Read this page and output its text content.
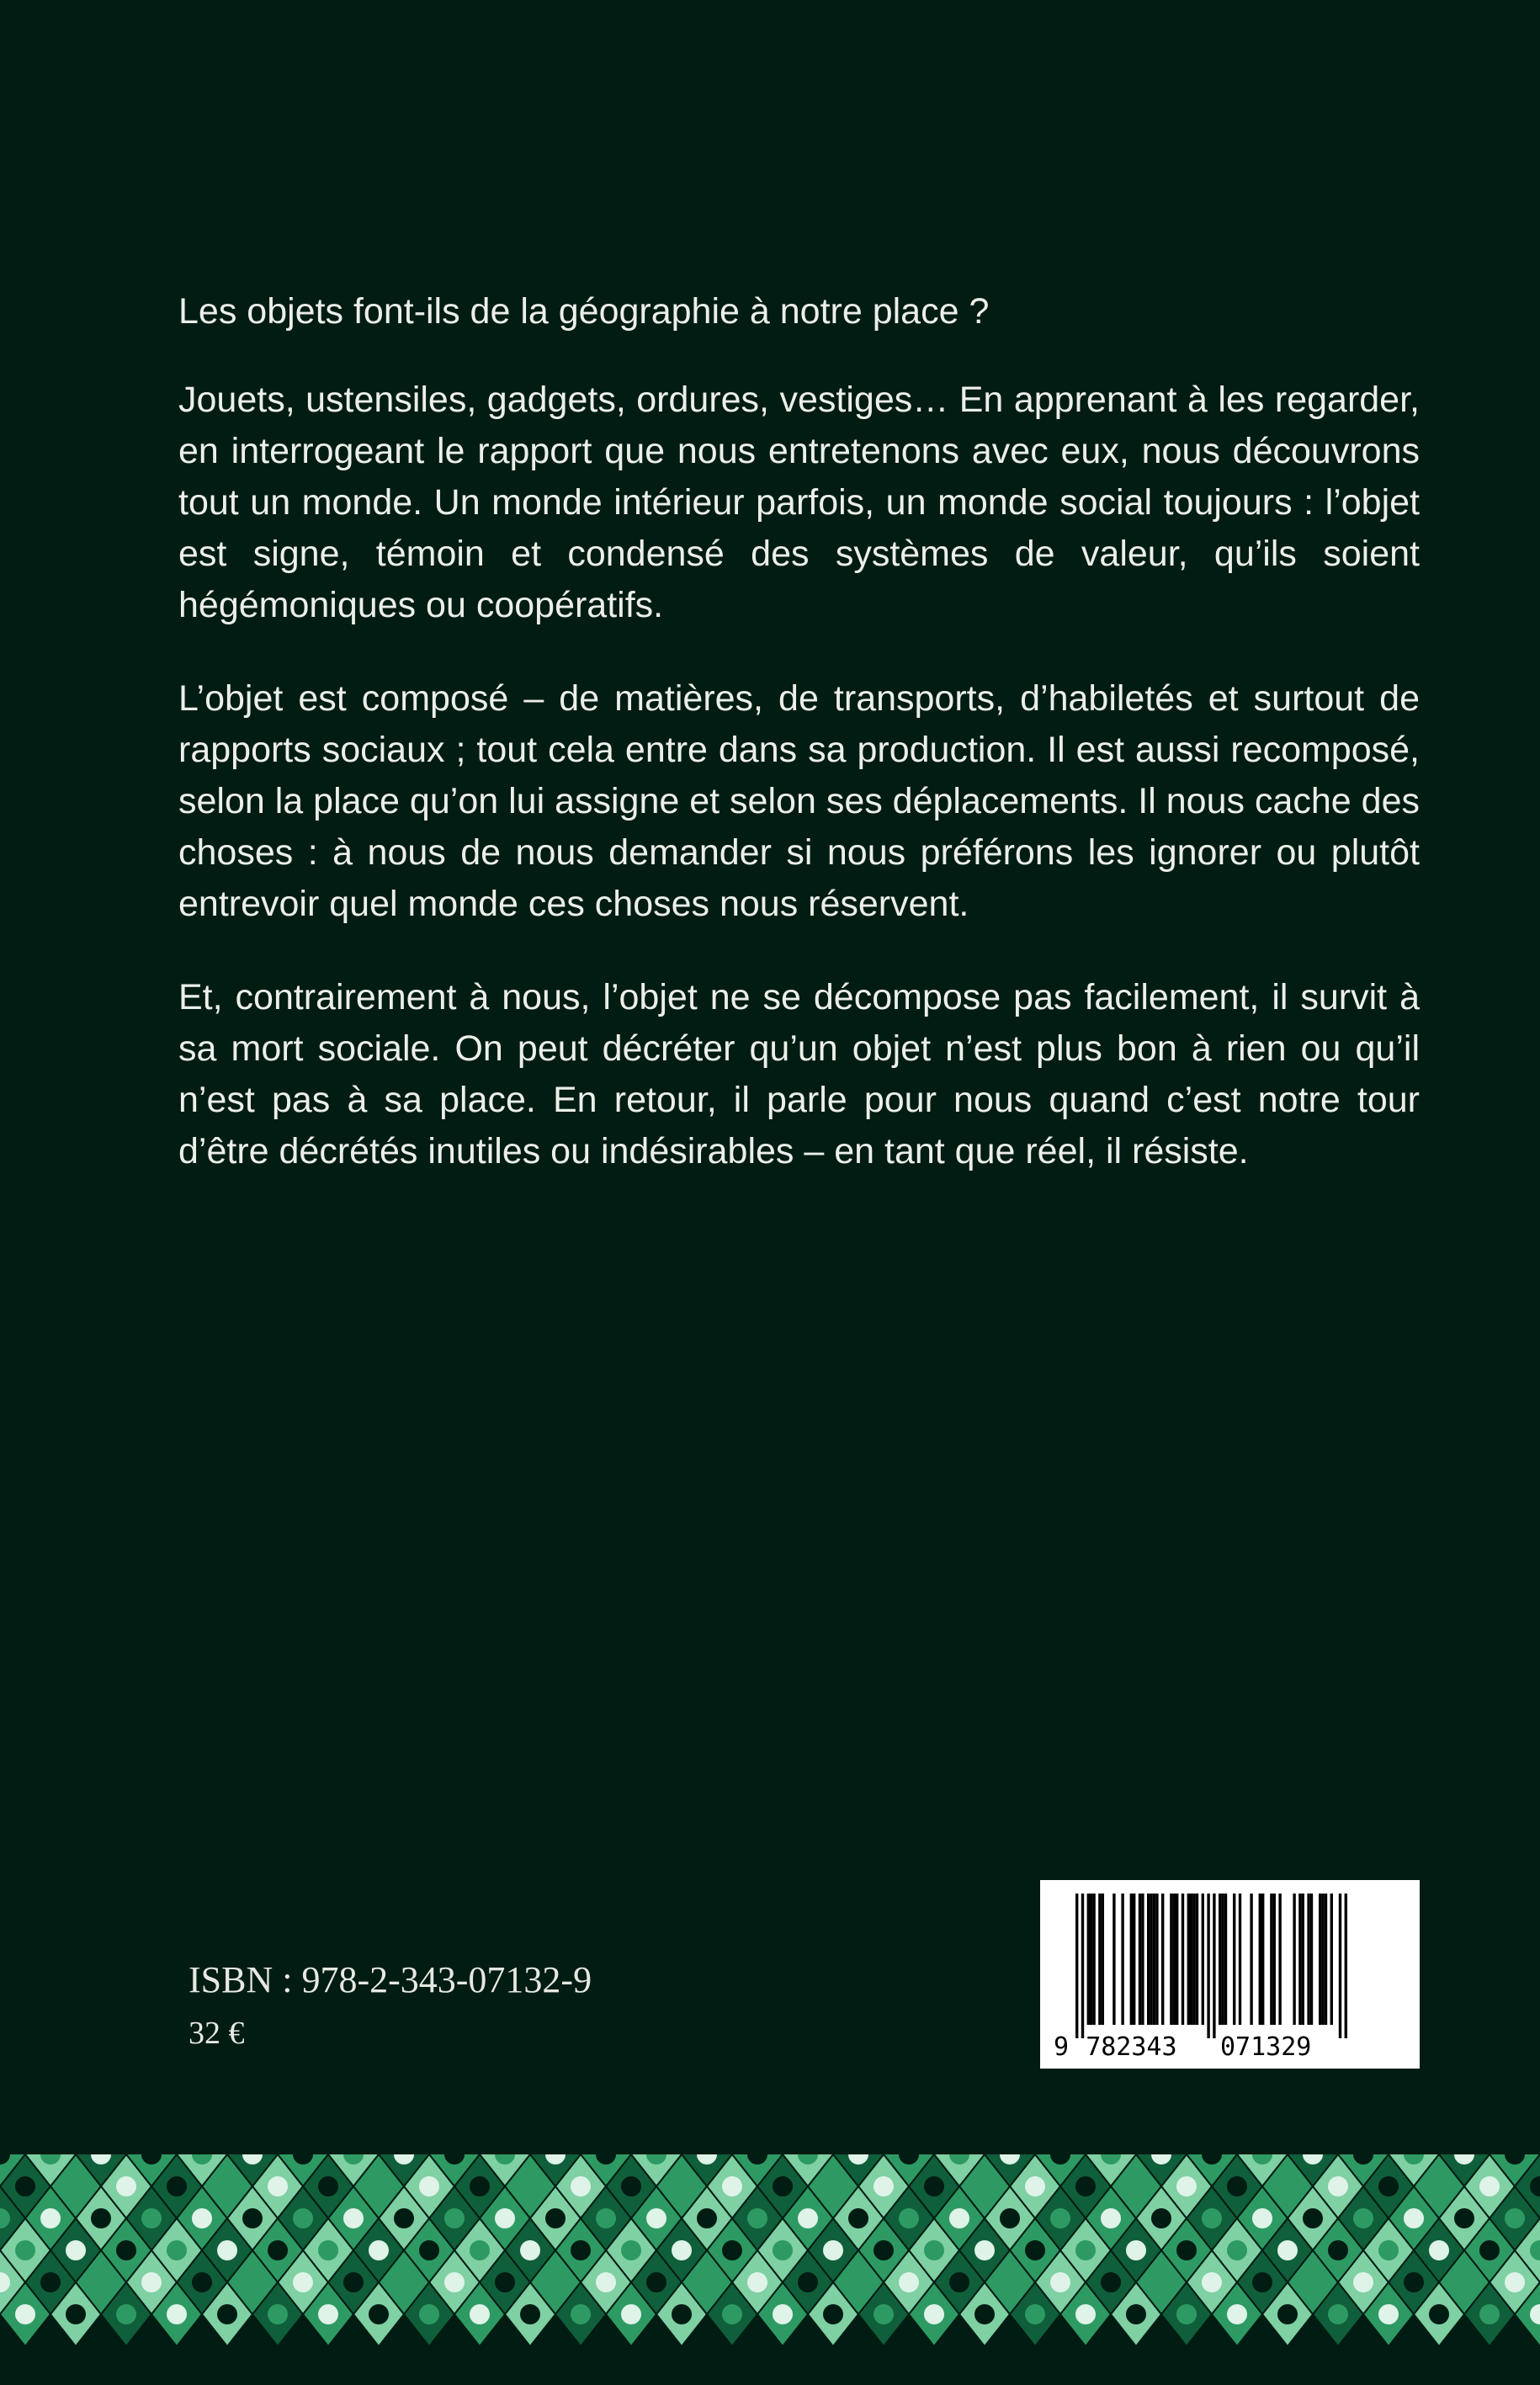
Les objets font-ils de la géographie à notre place ?

Jouets, ustensiles, gadgets, ordures, vestiges… En apprenant à les regarder, en interrogeant le rapport que nous entretenons avec eux, nous découvrons tout un monde. Un monde intérieur parfois, un monde social toujours : l’objet est signe, témoin et condensé des systèmes de valeur, qu’ils soient hégémoniques ou coopératifs.

L’objet est composé – de matières, de transports, d’habiletés et surtout de rapports sociaux ; tout cela entre dans sa production. Il est aussi recomposé, selon la place qu’on lui assigne et selon ses déplacements. Il nous cache des choses : à nous de nous demander si nous préférons les ignorer ou plutôt entrevoir quel monde ces choses nous réservent.

Et, contrairement à nous, l’objet ne se décompose pas facilement, il survit à sa mort sociale. On peut décréter qu’un objet n’est plus bon à rien ou qu’il n’est pas à sa place. En retour, il parle pour nous quand c’est notre tour d’être décrétés inutiles ou indésirables – en tant que réel, il résiste.

ISBN : 978-2-343-07132-9
32 €	9 782343 071329
